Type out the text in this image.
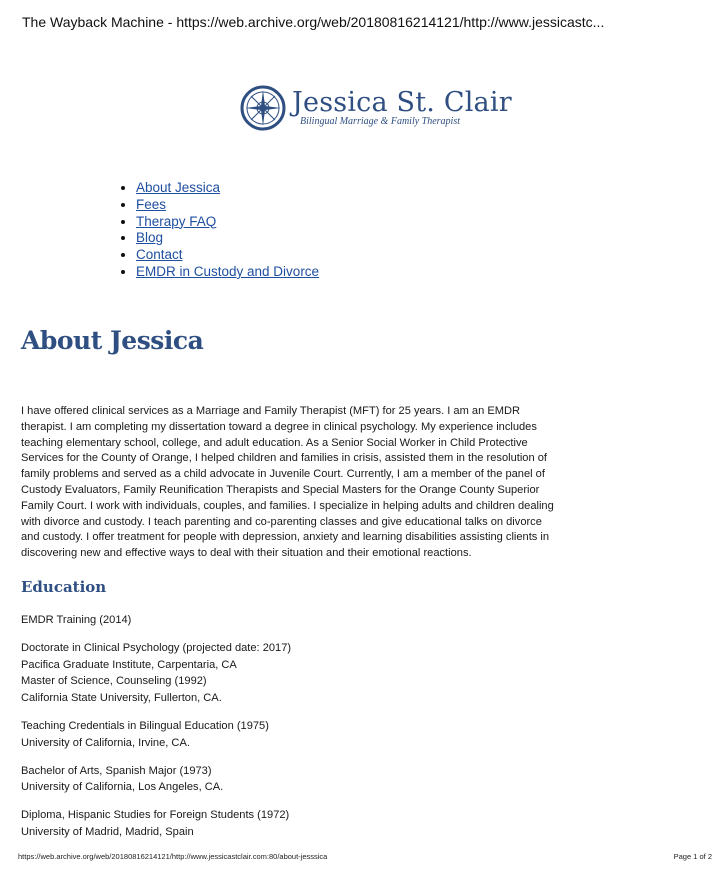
The Wayback Machine - https://web.archive.org/web/20180816214121/http://www.jessicastc...
Jessica St. Clair
Bilingual Marriage & Family Therapist
• About Jessica
• Fees
• Therapy FAQ
• Blog
• Contact
• EMDR in Custody and Divorce
About Jessica

I have offered clinical services as a Marriage and Family Therapist (MFT) for 25 years. I am an EMDR therapist. I am completing my dissertation toward a degree in clinical psychology. My experience includes teaching elementary school, college, and adult education. As a Senior Social Worker in Child Protective Services for the County of Orange, I helped children and families in crisis, assisted them in the resolution of family problems and served as a child advocate in Juvenile Court. Currently, I am a member of the panel of Custody Evaluators, Family Reunification Therapists and Special Masters for the Orange County Superior Family Court. I work with individuals, couples, and families. I specialize in helping adults and children dealing with divorce and custody. I teach parenting and co-parenting classes and give educational talks on divorce and custody. I offer treatment for people with depression, anxiety and learning disabilities assisting clients in discovering new and effective ways to deal with their situation and their emotional reactions.

Education
EMDR Training (2014)
Doctorate in Clinical Psychology (projected date: 2017)
Pacifica Graduate Institute, Carpentaria, CA
Master of Science, Counseling (1992)
California State University, Fullerton, CA.
Teaching Credentials in Bilingual Education (1975)
University of California, Irvine, CA.
Bachelor of Arts, Spanish Major (1973)
University of California, Los Angeles, CA.
Diploma, Hispanic Studies for Foreign Students (1972)
University of Madrid, Madrid, Spain
https://web.archive.org/web/20180816214121/http://www.jessicastclair.com:80/about-jesssica	Page 1 of 2
